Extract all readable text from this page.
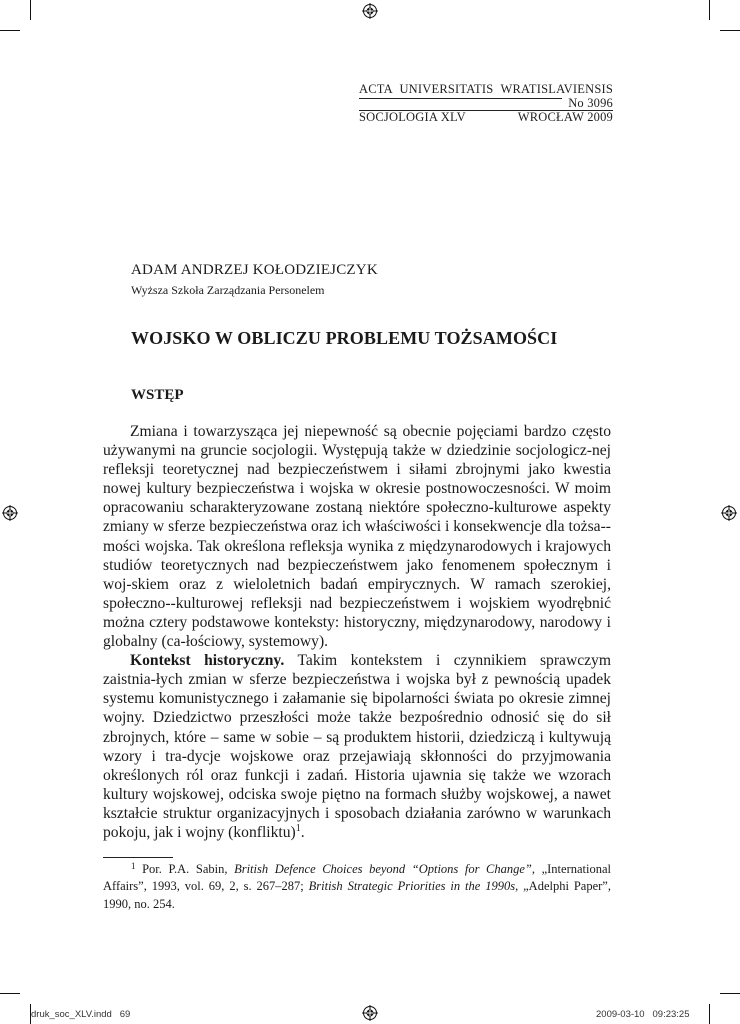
ACTA UNIVERSITATIS WRATISLAVIENSIS
No 3096
SOCJOLOGIA XLV	WROCŁAW 2009
ADAM ANDRZEJ KOŁODZIEJCZYK
Wyższa Szkoła Zarządzania Personelem
WOJSKO W OBLICZU PROBLEMU TOŻSAMOŚCI
WSTĘP

Zmiana i towarzysząca jej niepewność są obecnie pojęciami bardzo często używanymi na gruncie socjologii. Występują także w dziedzinie socjologicz-nej refleksji teoretycznej nad bezpieczeństwem i siłami zbrojnymi jako kwestia nowej kultury bezpieczeństwa i wojska w okresie postnowoczesności. W moim opracowaniu scharakteryzowane zostaną niektóre społeczno-kulturowe aspekty zmiany w sferze bezpieczeństwa oraz ich właściwości i konsekwencje dla tożsa-mości wojska. Tak określona refleksja wynika z międzynarodowych i krajowych studiów teoretycznych nad bezpieczeństwem jako fenomenem społecznym i woj-skiem oraz z wieloletnich badań empirycznych. W ramach szerokiej, społeczno--kulturowej refleksji nad bezpieczeństwem i wojskiem wyodrębnić można cztery podstawowe konteksty: historyczny, międzynarodowy, narodowy i globalny (ca-łościowy, systemowy).

Kontekst historyczny. Takim kontekstem i czynnikiem sprawczym zaistnia-łych zmian w sferze bezpieczeństwa i wojska był z pewnością upadek systemu komunistycznego i załamanie się bipolarności świata po okresie zimnej wojny. Dziedzictwo przeszłości może także bezpośrednio odnosić się do sił zbrojnych, które – same w sobie – są produktem historii, dziedziczą i kultywują wzory i tra-dycje wojskowe oraz przejawiają skłonności do przyjmowania określonych ról oraz funkcji i zadań. Historia ujawnia się także we wzorach kultury wojskowej, odciska swoje piętno na formach służby wojskowej, a nawet kształcie struktur organizacyjnych i sposobach działania zarówno w warunkach pokoju, jak i wojny (konfliktu)$^1$.

$^1$ Por. P.A. Sabin, British Defence Choices beyond “Options for Change”, „International Affairs”, 1993, vol. 69, 2, s. 267–287; British Strategic Priorities in the 1990s, „Adelphi Paper”, 1990, no. 254.

druk_soc_XLV.indd   69	2009-03-10   09:23:25
